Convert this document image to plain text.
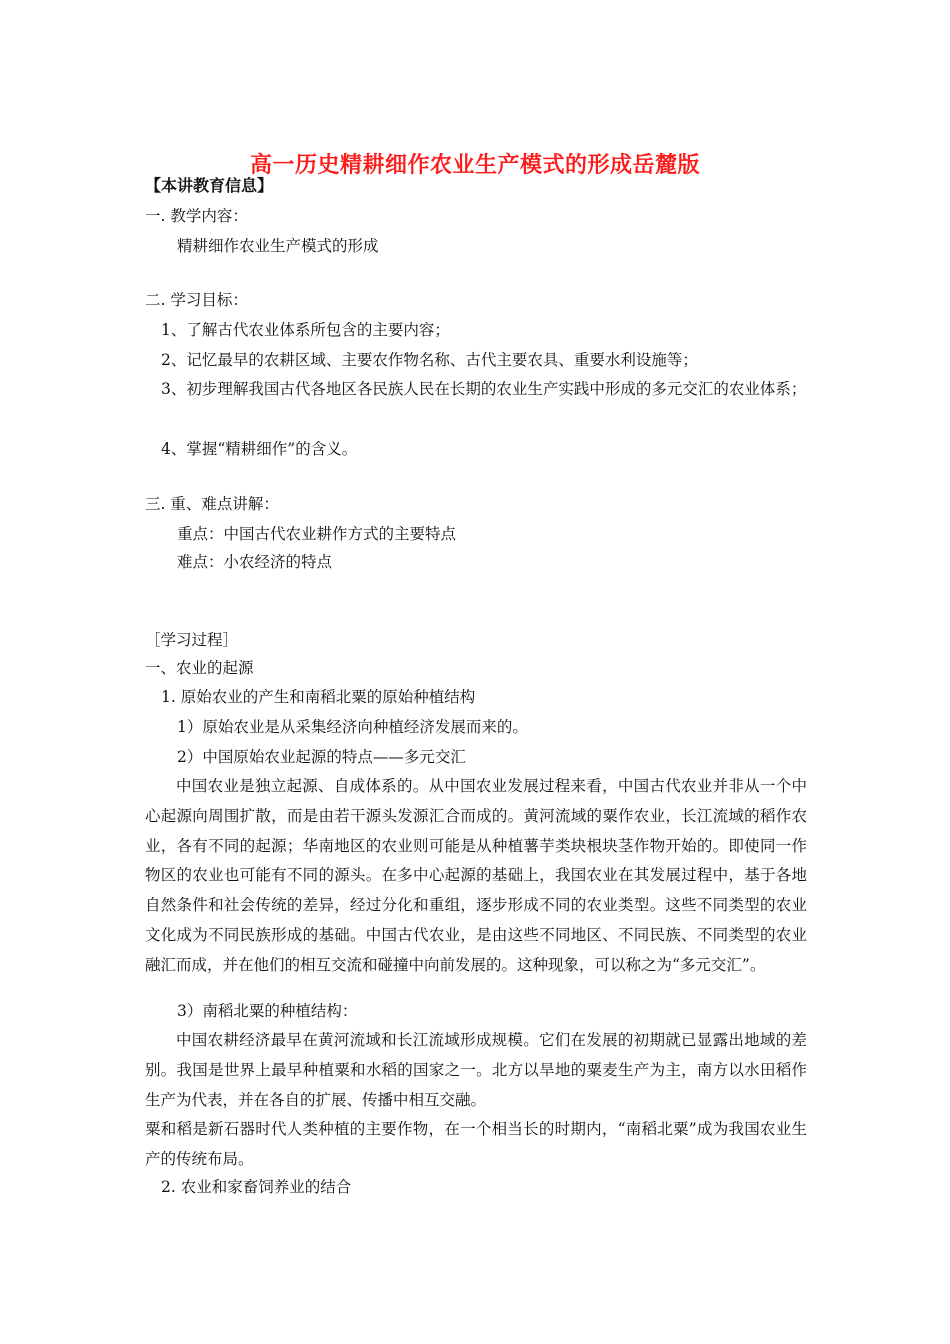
高一历史精耕细作农业生产模式的形成岳麓版
【本讲教育信息】
一. 教学内容：
精耕细作农业生产模式的形成
二. 学习目标：
1、了解古代农业体系所包含的主要内容；
2、记忆最早的农耕区域、主要农作物名称、古代主要农具、重要水利设施等；
3、初步理解我国古代各地区各民族人民在长期的农业生产实践中形成的多元交汇的农业体系；
4、掌握“精耕细作”的含义。
三. 重、难点讲解：
重点：中国古代农业耕作方式的主要特点
难点：小农经济的特点
［学习过程］
一、农业的起源
1. 原始农业的产生和南稻北粟的原始种植结构
1）原始农业是从采集经济向种植经济发展而来的。
2）中国原始农业起源的特点——多元交汇
中国农业是独立起源、自成体系的。从中国农业发展过程来看，中国古代农业并非从一个中心起源向周围扩散，而是由若干源头发源汇合而成的。黄河流域的粟作农业，长江流域的稻作农业，各有不同的起源；华南地区的农业则可能是从种植薯芋类块根块茎作物开始的。即使同一作物区的农业也可能有不同的源头。在多中心起源的基础上，我国农业在其发展过程中，基于各地自然条件和社会传统的差异，经过分化和重组，逐步形成不同的农业类型。这些不同类型的农业文化成为不同民族形成的基础。中国古代农业，是由这些不同地区、不同民族、不同类型的农业融汇而成，并在他们的相互交流和碰撞中向前发展的。这种现象，可以称之为“多元交汇”。
3）南稻北粟的种植结构：
中国农耕经济最早在黄河流域和长江流域形成规模。它们在发展的初期就已显露出地域的差别。我国是世界上最早种植粟和水稻的国家之一。北方以旱地的粟麦生产为主，南方以水田稻作生产为代表，并在各自的扩展、传播中相互交融。
粟和稻是新石器时代人类种植的主要作物，在一个相当长的时期内，“南稻北粟”成为我国农业生产的传统布局。
2. 农业和家畜饲养业的结合
